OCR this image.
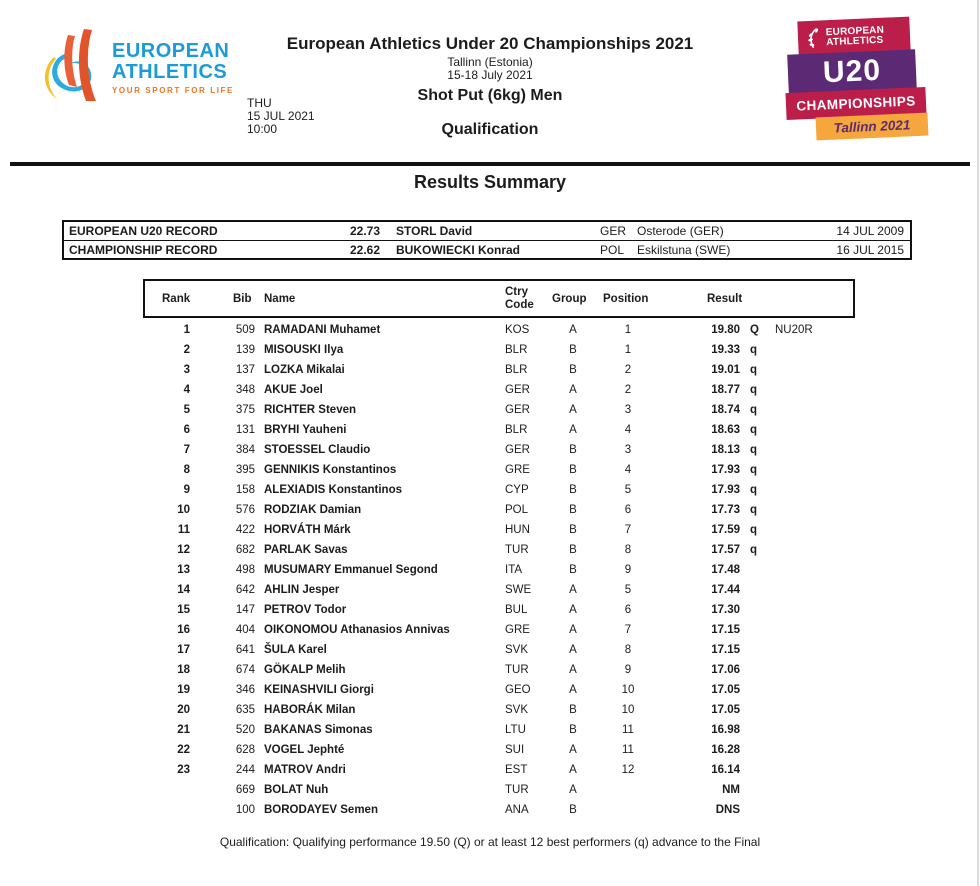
EUROPEAN
ATHLETICS
YOUR SPORT FOR LIFE
EUROPEAN
ATHLETICS
U20
CHAMPIONSHIPS
Tallinn 2021
European Athletics Under 20 Championships 2021
Tallinn (Estonia)
15-18 July 2021
Shot Put (6kg) Men
Qualification
THU
15 JUL 2021
10:00
Results Summary
EUROPEAN U20 RECORD	22.73 STORL David	GER Osterode (GER)	14 JUL 2009
CHAMPIONSHIP RECORD	22.62 BUKOWIECKI Konrad	POL Eskilstuna (SWE)	16 JUL 2015
Rank	Bib Name
Ctry
Code Group Position	Result
1	509 RAMADANI Muhamet	KOS	A	1	19.80 Q NU20R
2	139 MISOUSKI Ilya	BLR	B	1	19.33 q
3	137 LOZKA Mikalai	BLR	B	2	19.01 q
4	348 AKUE Joel	GER	A	2	18.77 q
5	375 RICHTER Steven	GER	A	3	18.74 q
6	131 BRYHI Yauheni	BLR	A	4	18.63 q
7	384 STOESSEL Claudio	GER	B	3	18.13 q
8	395 GENNIKIS Konstantinos	GRE	B	4	17.93 q
9	158 ALEXIADIS Konstantinos	CYP	B	5	17.93 q
10	576 RODZIAK Damian	POL	B	6	17.73 q
11	422 HORVÁTH Márk	HUN	B	7	17.59 q
12	682 PARLAK Savas	TUR	B	8	17.57 q
13	498 MUSUMARY Emmanuel Segond	ITA	B	9	17.48
14	642 AHLIN Jesper	SWE	A	5	17.44
15	147 PETROV Todor	BUL	A	6	17.30
16	404 OIKONOMOU Athanasios Annivas	GRE	A	7	17.15
17	641 ŠULA Karel	SVK	A	8	17.15
18	674 GÖKALP Melih	TUR	A	9	17.06
19	346 KEINASHVILI Giorgi	GEO	A	10	17.05
20	635 HABORÁK Milan	SVK	B	10	17.05
21	520 BAKANAS Simonas	LTU	B	11	16.98
22	628 VOGEL Jephté	SUI	A	11	16.28
23	244 MATROV Andri	EST	A	12	16.14
669 BOLAT Nuh	TUR	A	NM
100 BORODAYEV Semen	ANA	B	DNS
Qualification: Qualifying performance 19.50 (Q) or at least 12 best performers (q) advance to the Final
